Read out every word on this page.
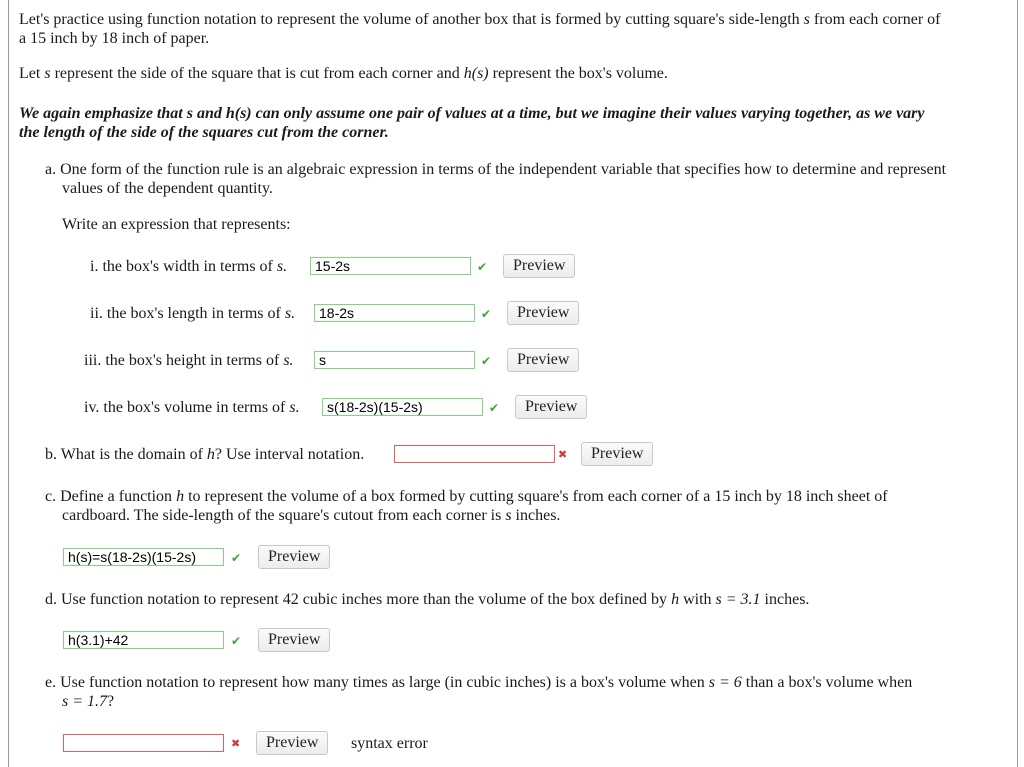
Let's practice using function notation to represent the volume of another box that is formed by cutting square's side-length s from each corner of
a 15 inch by 18 inch of paper.
Let s represent the side of the square that is cut from each corner and h(s) represent the box's volume.
We again emphasize that s and h(s) can only assume one pair of values at a time, but we imagine their values varying together, as we vary
the length of the side of the squares cut from the corner.
a. One form of the function rule is an algebraic expression in terms of the independent variable that specifies how to determine and represent
values of the dependent quantity.
Write an expression that represents:
i. the box's width in terms of s.	15-2s	✔	Preview
ii. the box's length in terms of s.	18-2s	✔	Preview
iii. the box's height in terms of s.	s	✔	Preview
iv. the box's volume in terms of s.	s(18-2s)(15-2s)	✔	Preview
b. What is the domain of h? Use interval notation.	✖	Preview
c. Define a function h to represent the volume of a box formed by cutting square's from each corner of a 15 inch by 18 inch sheet of
cardboard. The side-length of the square's cutout from each corner is s inches.
h(s)=s(18-2s)(15-2s)	✔	Preview
d. Use function notation to represent 42 cubic inches more than the volume of the box defined by h with s = 3.1 inches.
h(3.1)+42	✔	Preview
e. Use function notation to represent how many times as large (in cubic inches) is a box's volume when s = 6 than a box's volume when
s = 1.7?
✖	Preview	syntax error
